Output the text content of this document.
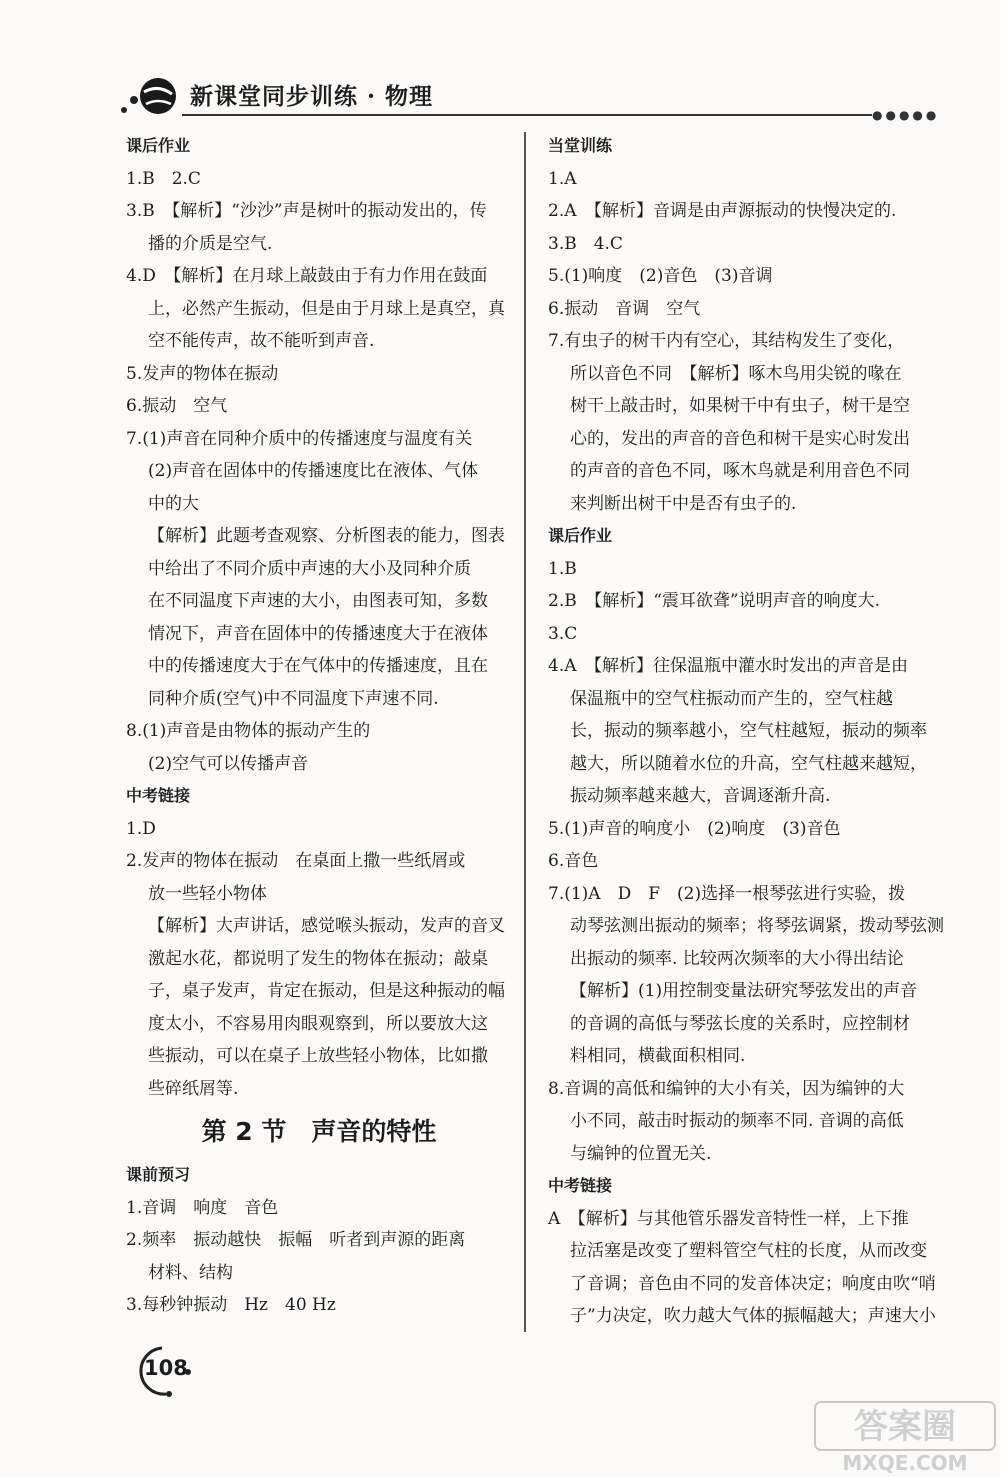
新课堂同步训练 · 物理
●●●●●
课后作业
1.B　2.C
3.B　【解析】“沙沙”声是树叶的振动发出的，传
播的介质是空气.
4.D　【解析】在月球上敲鼓由于有力作用在鼓面
上，必然产生振动，但是由于月球上是真空，真
空不能传声，故不能听到声音.
5.发声的物体在振动
6.振动　空气
7.(1)声音在同种介质中的传播速度与温度有关
(2)声音在固体中的传播速度比在液体、气体
中的大
【解析】此题考查观察、分析图表的能力，图表
中给出了不同介质中声速的大小及同种介质
在不同温度下声速的大小，由图表可知，多数
情况下，声音在固体中的传播速度大于在液体
中的传播速度大于在气体中的传播速度，且在
同种介质(空气)中不同温度下声速不同.
8.(1)声音是由物体的振动产生的
(2)空气可以传播声音
中考链接
1.D
2.发声的物体在振动　在桌面上撒一些纸屑或
放一些轻小物体
【解析】大声讲话，感觉喉头振动，发声的音叉
激起水花，都说明了发生的物体在振动；敲桌
子，桌子发声，肯定在振动，但是这种振动的幅
度太小，不容易用肉眼观察到，所以要放大这
些振动，可以在桌子上放些轻小物体，比如撒
些碎纸屑等.
第 2 节　声音的特性
课前预习
1.音调　响度　音色
2.频率　振动越快　振幅　听者到声源的距离
材料、结构
3.每秒钟振动　Hz　40 Hz
当堂训练
1.A
2.A　【解析】音调是由声源振动的快慢决定的.
3.B　4.C
5.(1)响度　(2)音色　(3)音调
6.振动　音调　空气
7.有虫子的树干内有空心，其结构发生了变化，
所以音色不同　【解析】啄木鸟用尖锐的喙在
树干上敲击时，如果树干中有虫子，树干是空
心的，发出的声音的音色和树干是实心时发出
的声音的音色不同，啄木鸟就是利用音色不同
来判断出树干中是否有虫子的.
课后作业
1.B
2.B　【解析】“震耳欲聋”说明声音的响度大.
3.C
4.A　【解析】往保温瓶中灌水时发出的声音是由
保温瓶中的空气柱振动而产生的，空气柱越
长，振动的频率越小，空气柱越短，振动的频率
越大，所以随着水位的升高，空气柱越来越短，
振动频率越来越大，音调逐渐升高.
5.(1)声音的响度小　(2)响度　(3)音色
6.音色
7.(1)A　D　F　(2)选择一根琴弦进行实验，拨
动琴弦测出振动的频率；将琴弦调紧，拨动琴弦测
出振动的频率. 比较两次频率的大小得出结论
【解析】(1)用控制变量法研究琴弦发出的声音
的音调的高低与琴弦长度的关系时，应控制材
料相同，横截面积相同.
8.音调的高低和编钟的大小有关，因为编钟的大
小不同，敲击时振动的频率不同. 音调的高低
与编钟的位置无关.
中考链接
A　【解析】与其他管乐器发音特性一样，上下推
拉活塞是改变了塑料管空气柱的长度，从而改变
了音调；音色由不同的发音体决定；响度由吹“哨
子”力决定，吹力越大气体的振幅越大；声速大小
108
答案圈
MXQE.COM
